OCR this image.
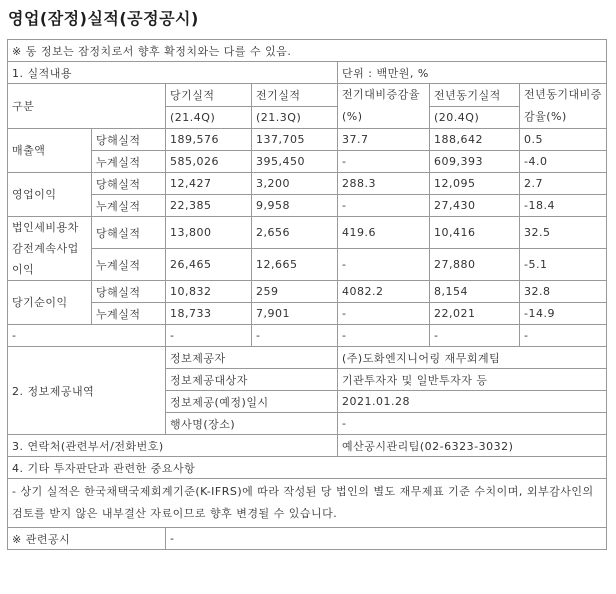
영업(잠정)실적(공정공시)
※ 동 정보는 잠정치로서 향후 확정치와는 다를 수 있음.						
1. 실적내용				단위 : 백만원, %		
구분		당기실적	전기실적	전기대비증감율(%)	전년동기실적	전년동기대비증감율(%)
		(21.4Q)	(21.3Q)		(20.4Q)	
매출액	당해실적	189,576	137,705	37.7	188,642	0.5
	누계실적	585,026	395,450	-	609,393	-4.0
영업이익	당해실적	12,427	3,200	288.3	12,095	2.7
	누계실적	22,385	9,958	-	27,430	-18.4
법인세비용차감전계속사업이익	당해실적	13,800	2,656	419.6	10,416	32.5
	누계실적	26,465	12,665	-	27,880	-5.1
당기순이익	당해실적	10,832	259	4082.2	8,154	32.8
	누계실적	18,733	7,901	-	22,021	-14.9
-		-	-	-	-	-
2. 정보제공내역		정보제공자		(주)도화엔지니어링 재무회계팀		
		정보제공대상자		기관투자자 및 일반투자자 등		
		정보제공(예정)일시		2021.01.28		
		행사명(장소)		-		
3. 연락처(관련부서/전화번호)				예산공시관리팀(02-6323-3032)		
4. 기타 투자판단과 관련한 중요사항						
- 상기 실적은 한국채택국제회계기준(K-IFRS)에 따라 작성된 당 법인의 별도 재무제표 기준 수치이며, 외부감사인의 검토를 받지 않은 내부결산 자료이므로 향후 변경될 수 있습니다.						
※ 관련공시		-				
